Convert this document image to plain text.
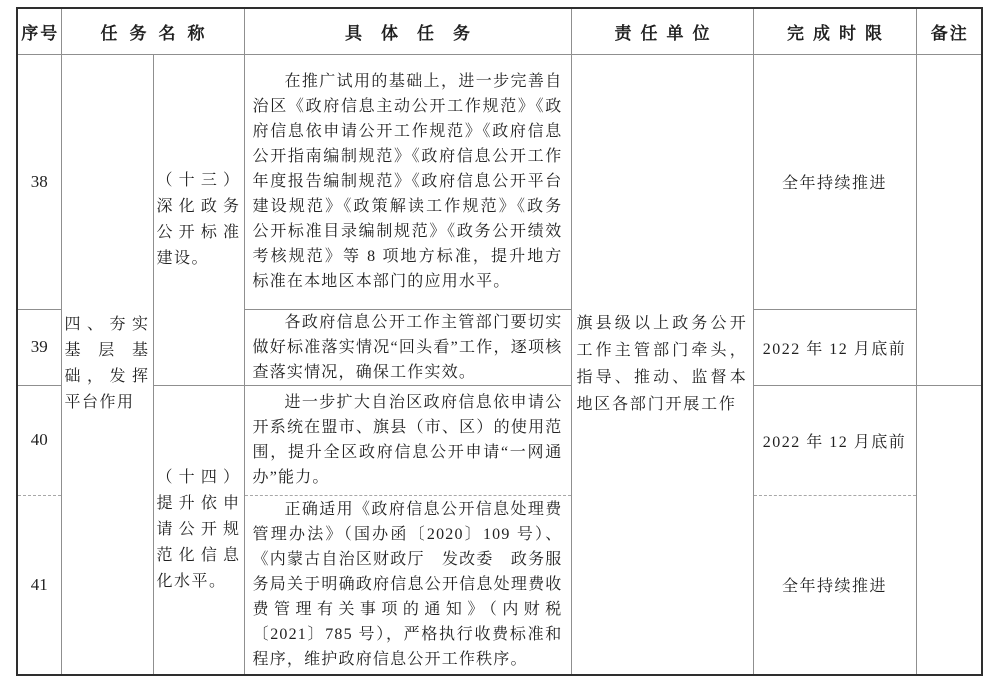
序号	任务名称		具体任务	责任单位	完成时限	备注
38	四、夯实基层基础，发挥平台作用	（十三）深化政务公开标准建设。	在推广试用的基础上，进一步完善自治区《政府信息主动公开工作规范》《政府信息依申请公开工作规范》《政府信息公开指南编制规范》《政府信息公开工作年度报告编制规范》《政府信息公开平台建设规范》《政策解读工作规范》《政务公开标准目录编制规范》《政务公开绩效考核规范》等 8 项地方标准，提升地方标准在本地区本部门的应用水平。	旗县级以上政务公开工作主管部门牵头，指导、推动、监督本地区各部门开展工作	全年持续推进	
39			各政府信息公开工作主管部门要切实做好标准落实情况“回头看”工作，逐项核查落实情况，确保工作实效。		2022 年 12 月底前	
40		（十四）提升依申请公开规范化信息化水平。	进一步扩大自治区政府信息依申请公开系统在盟市、旗县（市、区）的使用范围，提升全区政府信息公开申请“一网通办”能力。		2022 年 12 月底前	
41			正确适用《政府信息公开信息处理费管理办法》（国办函〔2020〕109 号）、《内蒙古自治区财政厅　发改委　政务服务局关于明确政府信息公开信息处理费收费管理有关事项的通知》（内财税〔2021〕785 号），严格执行收费标准和程序，维护政府信息公开工作秩序。		全年持续推进	
